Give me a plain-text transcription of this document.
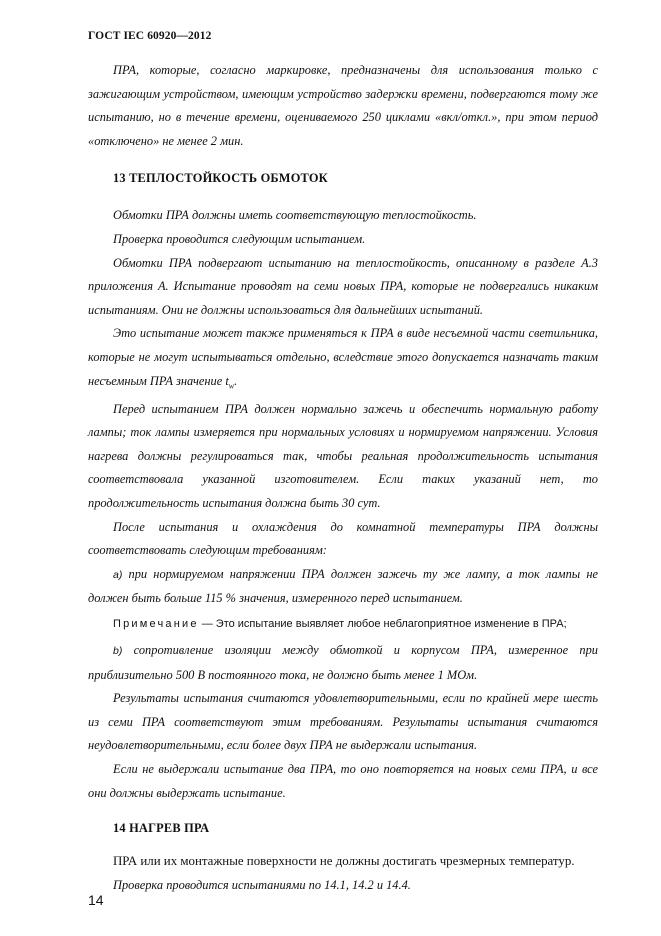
ГОСТ IEC 60920—2012

ПРА, которые, согласно маркировке, предназначены для использования только с зажигающим устройством, имеющим устройство задержки времени, подвергаются тому же испытанию, но в течение времени, оцениваемого 250 циклами «вкл/откл.», при этом период «отключено» не менее 2 мин.

13 ТЕПЛОСТОЙКОСТЬ ОБМОТОК

Обмотки ПРА должны иметь соответствующую теплостойкость.

Проверка проводится следующим испытанием.

Обмотки ПРА подвергают испытанию на теплостойкость, описанному в разделе А.3 приложения А. Испытание проводят на семи новых ПРА, которые не подвергались никаким испытаниям. Они не должны использоваться для дальнейших испытаний.

Это испытание может также применяться к ПРА в виде несъемной части светильника, которые не могут испытываться отдельно, вследствие этого допускается назначать таким несъемным ПРА значение $t_w$.

Перед испытанием ПРА должен нормально зажечь и обеспечить нормальную работу лампы; ток лампы измеряется при нормальных условиях и нормируемом напряжении. Условия нагрева должны регулироваться так, чтобы реальная продолжительность испытания соответствовала указанной изготовителем. Если таких указаний нет, то продолжительность испытания должна быть 30 сут.

После испытания и охлаждения до комнатной температуры ПРА должны соответствовать следующим требованиям:

a) при нормируемом напряжении ПРА должен зажечь ту же лампу, а ток лампы не должен быть больше 115 % значения, измеренного перед испытанием.

Примечание — Это испытание выявляет любое неблагоприятное изменение в ПРА;

b) сопротивление изоляции между обмоткой и корпусом ПРА, измеренное при приблизительно 500 В постоянного тока, не должно быть менее 1 МОм.

Результаты испытания считаются удовлетворительными, если по крайней мере шесть из семи ПРА соответствуют этим требованиям. Результаты испытания считаются неудовлетворительными, если более двух ПРА не выдержали испытания.

Если не выдержали испытание два ПРА, то оно повторяется на новых семи ПРА, и все они должны выдержать испытание.

14 НАГРЕВ ПРА

ПРА или их монтажные поверхности не должны достигать чрезмерных температур.

Проверка проводится испытаниями по 14.1, 14.2 и 14.4.

14
